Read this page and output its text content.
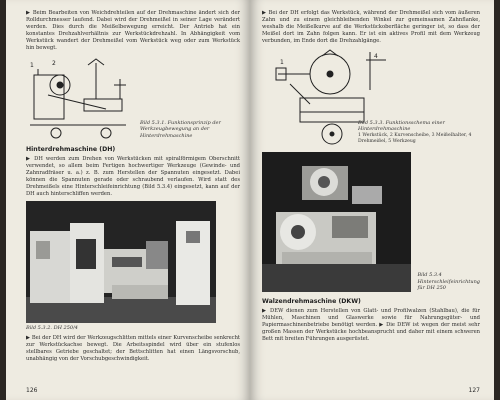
▶ Beim Bearbeiten von Weichdrehteilen auf der Drehmaschine ändert sich der Rolldurchmesser laufend. Dabei wird der Drehmeißel in seiner Lage verändert werden. Dies durch die Meißelbewegung erreicht. Der Antrieb hat ein konstantes Drehzahlverhältnis zur Werkstückdrehzahl. In Abhängigkeit vom Werkstück wandert der Drehmeißel vom Werkstück weg oder zum Werkstück hin bewegt.

1	2
Bild 5.3.1. Funktionsprinzip der Werkzeugbewegung an der Hinterdrehmaschine
Hinterdrehmaschine (DH)

▶ DH werden zum Drehen von Werkstücken mit spiralförmigem Oberschnitt verwendet, so allem beim Fertigen hochwertiger Werkzeuge (Gewinde- und Zahnradfräser u. a.) z. B. zum Herstellen der Spannuten eingesetzt. Dabei können die Spannuten gerade oder schraubend verlaufen. Wird statt des Drehmeißels eine Hinterschleifeinrichtung (Bild 5.3.4) eingesetzt, kann auf der DH auch hinterschliffen werden.

Bild 5.3.2. DH 250/4

▶ Bei der DH wird der Werkzeugschlitten mittels einer Kurvenscheibe senkrecht zur Werkstückachse bewegt. Die Arbeitsspindel wird über ein stufenlos stellbares Getriebe geschaltet; der Bettschlitten hat einen Längsvorschub, unabhängig von der Vorschubgeschwindigkeit.

126

▶ Bei der DH erfolgt das Werkstück, während der Drehmeißel sich vom äußeren Zahn und zu einem gleichbleibenden Winkel zur gemeinsamen Zahnflanke, weshalb die Meißelkurve auf die Werkstückoberfläche geringer ist, so dass der Meißel dort im Zahn folgen kann. Er ist ein aktives Profil mit dem Werkzeug verbunden, im Ende dort die Drehzahlgänge.

1
4
Bild 5.3.3. Funktionsschema einer Hinterdrehmaschine
1 Werkstück, 2 Kurvenscheibe, 3 Meißelhalter, 4 Drehmeißel, 5 Werkzeug
Bild 5.3.4 Hinterschleifeinrichtung für DH 250
Walzendrehmaschine (DKW)

▶ DEW dienen zum Herstellen von Glatt- und Profilwalzen (Stahlbau), die für Mühlen, Maschinen und Glaswerke sowie für Nahrungsgüter- und Papiermaschinenbetriebe benötigt werden. ▶ Die DEW ist wegen der meist sehr großen Massen der Werkstücke hochbeansprucht und daher mit einem schweren Bett mit breiten Führungen ausgerüstet.

127
